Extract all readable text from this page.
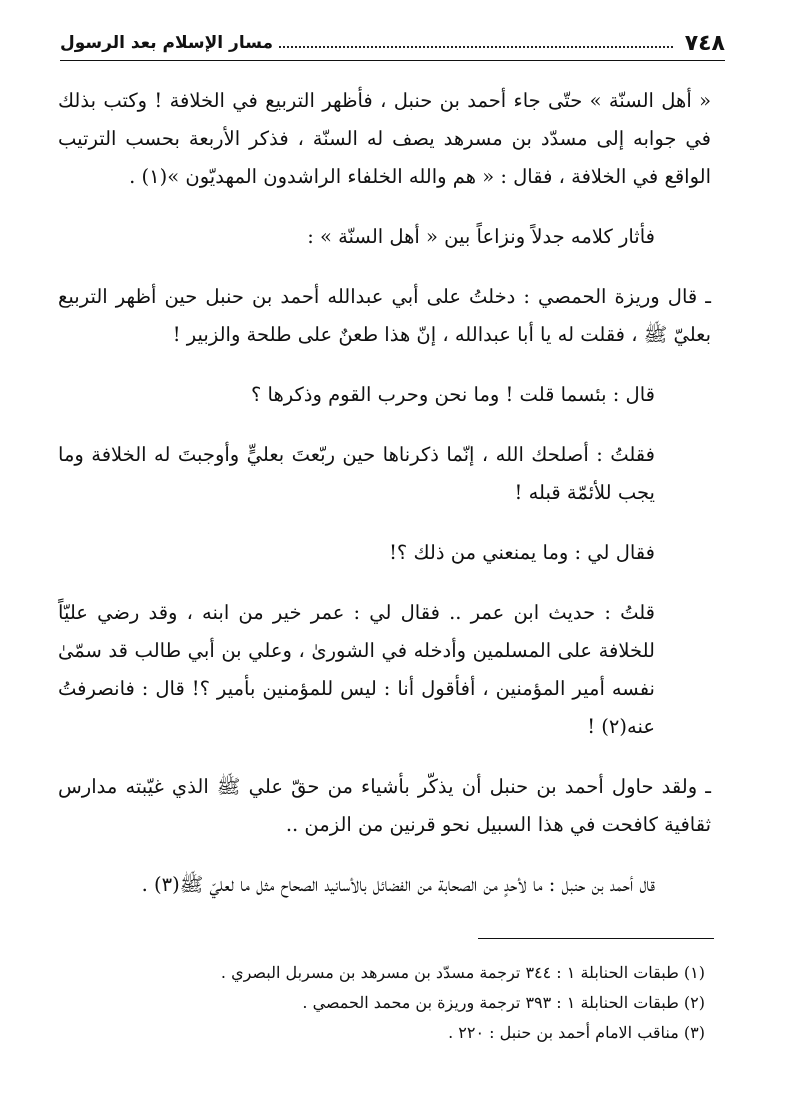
٧٤٨
مسار الإسلام بعد الرسول

« أهل السنّة » حتّى جاء أحمد بن حنبل ، فأظهر التربيع في الخلافة ! وكتب بذلك في جوابه إلى مسدّد بن مسرهد يصف له السنّة ، فذكر الأربعة بحسب الترتيب الواقع في الخلافة ، فقال : « هم والله الخلفاء الراشدون المهديّون »(١) .

فأثار كلامه جدلاً ونزاعاً بين « أهل السنّة » :

ـ قال وريزة الحمصي : دخلتُ على أبي عبدالله أحمد بن حنبل حين أظهر التربيع بعليّ ﷺ ، فقلت له يا أبا عبدالله ، إنّ هذا طعنٌ على طلحة والزبير !

قال : بئسما قلت ! وما نحن وحرب القوم وذكرها ؟

فقلتُ : أصلحك الله ، إنّما ذكرناها حين ربّعتَ بعليٍّ وأوجبتَ له الخلافة وما يجب للأئمّة قبله !

فقال لي : وما يمنعني من ذلك ؟!

قلتُ : حديث ابن عمر .. فقال لي : عمر خير من ابنه ، وقد رضي عليّاً للخلافة على المسلمين وأدخله في الشورىٰ ، وعلي بن أبي طالب قد سمّىٰ نفسه أمير المؤمنين ، أفأقول أنا : ليس للمؤمنين بأمير ؟! قال : فانصرفتُ عنه(٢) !

ـ ولقد حاول أحمد بن حنبل أن يذكّر بأشياء من حقّ علي ﷺ الذي غيّبته مدارس ثقافية كافحت في هذا السبيل نحو قرنين من الزمن ..

قال أحمد بن حنبل : ما لأحدٍ من الصحابة من الفضائل بالأسانيد الصحاح مثل ما لعليّ ﷺ(٣) .

(١) طبقات الحنابلة ١ : ٣٤٤ ترجمة مسدّد بن مسرهد بن مسربل البصري .
(٢) طبقات الحنابلة ١ : ٣٩٣ ترجمة وريزة بن محمد الحمصي .
(٣) مناقب الامام أحمد بن حنبل : ٢٢٠ .
